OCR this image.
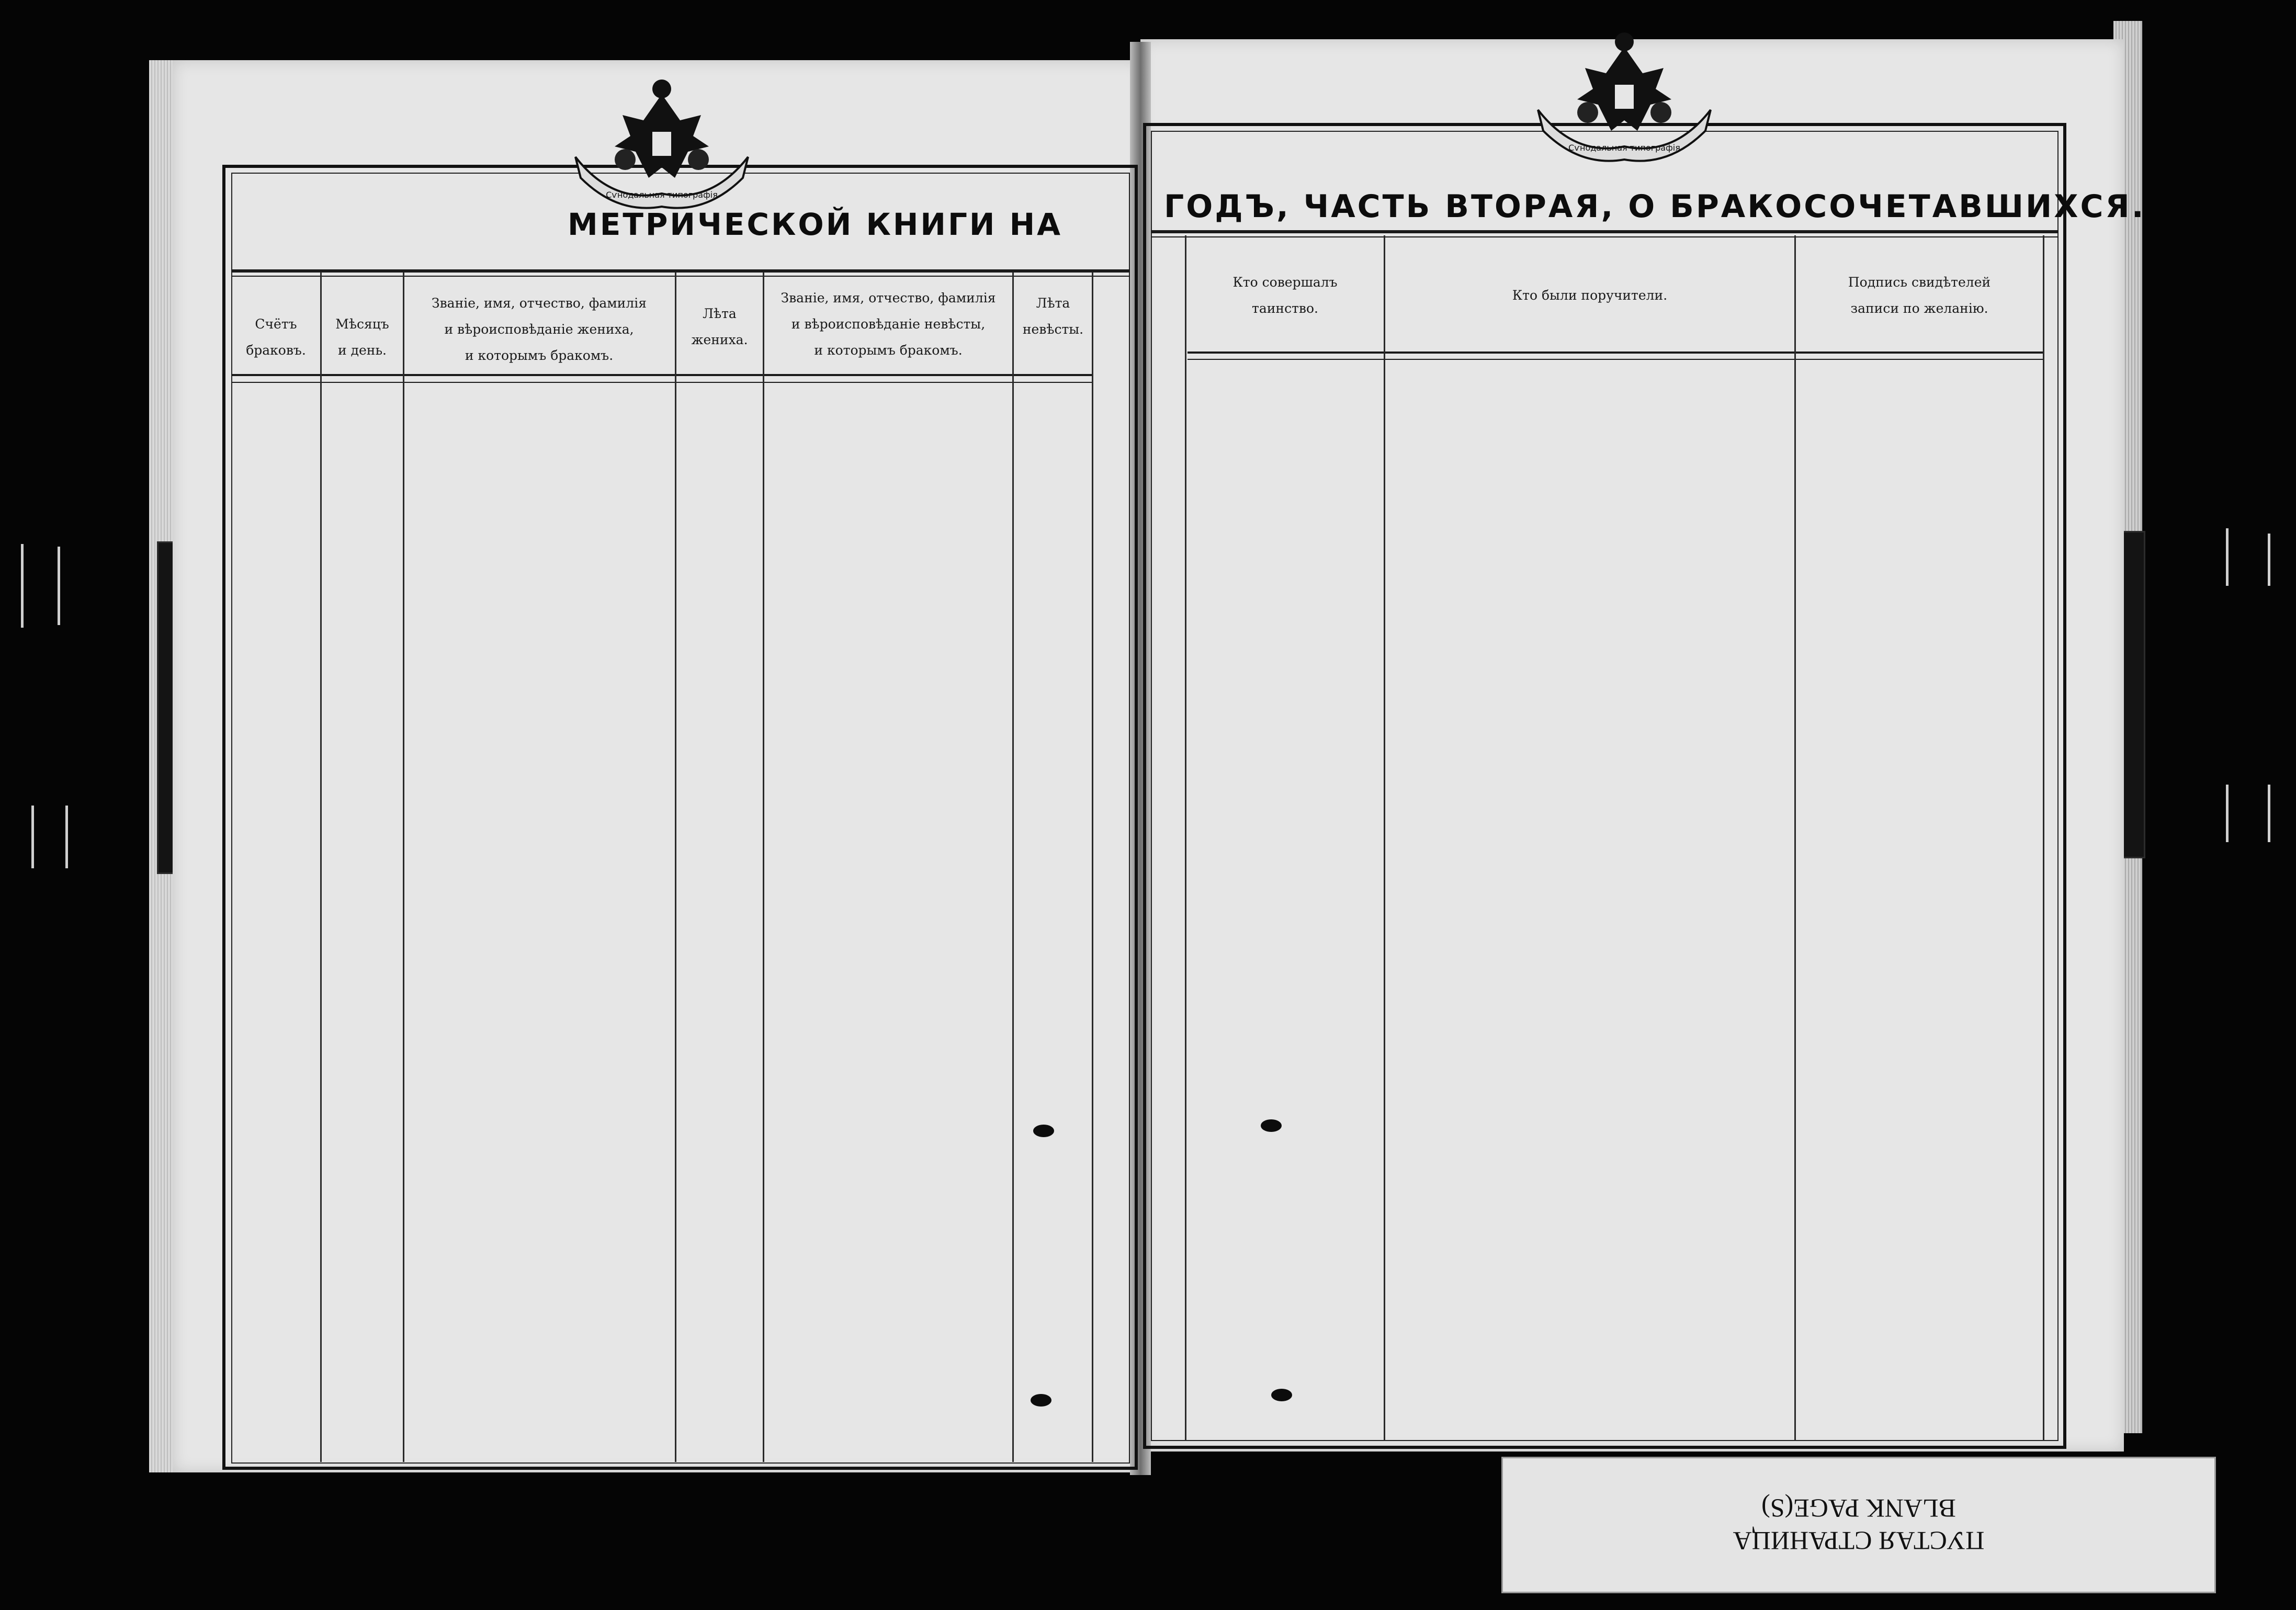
Сѵнодальная типографія
МЕТРИЧЕСКОЙ КНИГИ НА
Счётъ
браковъ.
Мѣсяцъ
и день.
Званіе, имя, отчество, фамилія
и вѣроисповѣданіе жениха,
и которымъ бракомъ.
Лѣта
жениха.
Званіе, имя, отчество, фамилія
и вѣроисповѣданіе невѣсты,
и которымъ бракомъ.
Лѣта
невѣсты.
Сѵнодальная типографія
ГОДЪ, ЧАСТЬ ВТОРАЯ, О БРАКОСОЧЕТАВШИХСЯ.
Кто совершалъ
таинство.
Кто были поручители.
Подпись свидѣтелей
записи по желанію.
ПУСТАЯ СТРАНИЦА
BLANK PAGE(S)
